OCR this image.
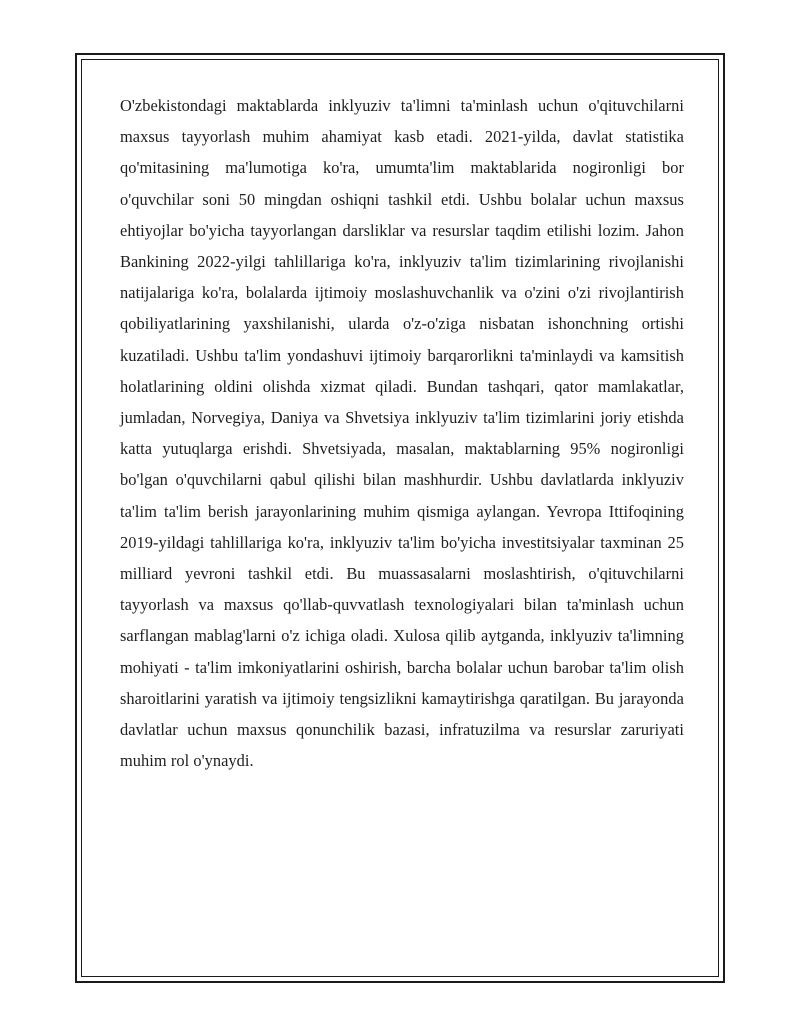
O'zbekistondagi maktablarda inklyuziv ta'limni ta'minlash uchun o'qituvchilarni maxsus tayyorlash muhim ahamiyat kasb etadi. 2021-yilda, davlat statistika qo'mitasining ma'lumotiga ko'ra, umumta'lim maktablarida nogironligi bor o'quvchilar soni 50 mingdan oshiqni tashkil etdi. Ushbu bolalar uchun maxsus ehtiyojlar bo'yicha tayyorlangan darsliklar va resurslar taqdim etilishi lozim. Jahon Bankining 2022-yilgi tahlillariga ko'ra, inklyuziv ta'lim tizimlarining rivojlanishi natijalariga ko'ra, bolalarda ijtimoiy moslashuvchanlik va o'zini o'zi rivojlantirish qobiliyatlarining yaxshilanishi, ularda o'z-o'ziga nisbatan ishonchning ortishi kuzatiladi. Ushbu ta'lim yondashuvi ijtimoiy barqarorlikni ta'minlaydi va kamsitish holatlarining oldini olishda xizmat qiladi. Bundan tashqari, qator mamlakatlar, jumladan, Norvegiya, Daniya va Shvetsiya inklyuziv ta'lim tizimlarini joriy etishda katta yutuqlarga erishdi. Shvetsiyada, masalan, maktablarning 95% nogironligi bo'lgan o'quvchilarni qabul qilishi bilan mashhurdir. Ushbu davlatlarda inklyuziv ta'lim ta'lim berish jarayonlarining muhim qismiga aylangan. Yevropa Ittifoqining 2019-yildagi tahlillariga ko'ra, inklyuziv ta'lim bo'yicha investitsiyalar taxminan 25 milliard yevroni tashkil etdi. Bu muassasalarni moslashtirish, o'qituvchilarni tayyorlash va maxsus qo'llab-quvvatlash texnologiyalari bilan ta'minlash uchun sarflangan mablag'larni o'z ichiga oladi. Xulosa qilib aytganda, inklyuziv ta'limning mohiyati - ta'lim imkoniyatlarini oshirish, barcha bolalar uchun barobar ta'lim olish sharoitlarini yaratish va ijtimoiy tengsizlikni kamaytirishga qaratilgan. Bu jarayonda davlatlar uchun maxsus qonunchilik bazasi, infratuzilma va resurslar zaruriyati muhim rol o'ynaydi.
